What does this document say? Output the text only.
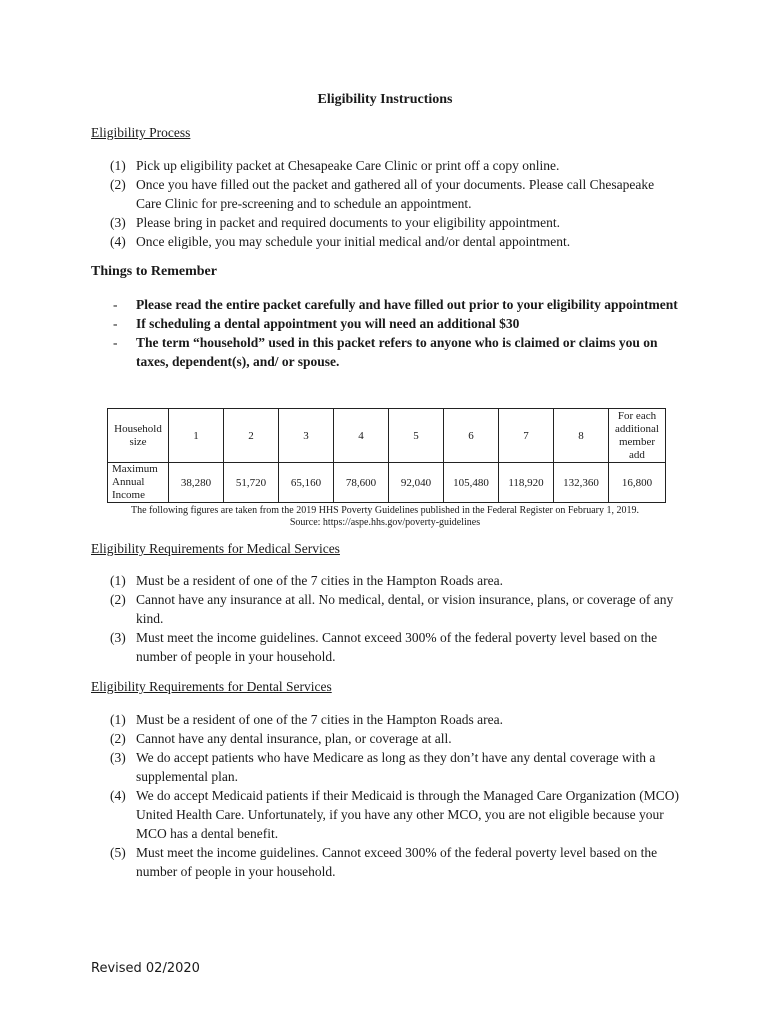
Eligibility Instructions
Eligibility Process
(1) Pick up eligibility packet at Chesapeake Care Clinic or print off a copy online.
(2) Once you have filled out the packet and gathered all of your documents. Please call Chesapeake Care Clinic for pre-screening and to schedule an appointment.
(3) Please bring in packet and required documents to your eligibility appointment.
(4) Once eligible, you may schedule your initial medical and/or dental appointment.
Things to Remember
- Please read the entire packet carefully and have filled out prior to your eligibility appointment
- If scheduling a dental appointment you will need an additional $30
- The term “household” used in this packet refers to anyone who is claimed or claims you on taxes, dependent(s), and/ or spouse.
Household size	1	2	3	4	5	6	7	8	For each additional member add
Maximum Annual Income	38,280	51,720	65,160	78,600	92,040	105,480	118,920	132,360	16,800
The following figures are taken from the 2019 HHS Poverty Guidelines published in the Federal Register on February 1, 2019.
Source: https://aspe.hhs.gov/poverty-guidelines
Eligibility Requirements for Medical Services
(1) Must be a resident of one of the 7 cities in the Hampton Roads area.
(2) Cannot have any insurance at all. No medical, dental, or vision insurance, plans, or coverage of any kind.
(3) Must meet the income guidelines. Cannot exceed 300% of the federal poverty level based on the number of people in your household.
Eligibility Requirements for Dental Services
(1) Must be a resident of one of the 7 cities in the Hampton Roads area.
(2) Cannot have any dental insurance, plan, or coverage at all.
(3) We do accept patients who have Medicare as long as they don’t have any dental coverage with a supplemental plan.
(4) We do accept Medicaid patients if their Medicaid is through the Managed Care Organization (MCO) United Health Care. Unfortunately, if you have any other MCO, you are not eligible because your MCO has a dental benefit.
(5) Must meet the income guidelines. Cannot exceed 300% of the federal poverty level based on the number of people in your household.
Revised 02/2020
